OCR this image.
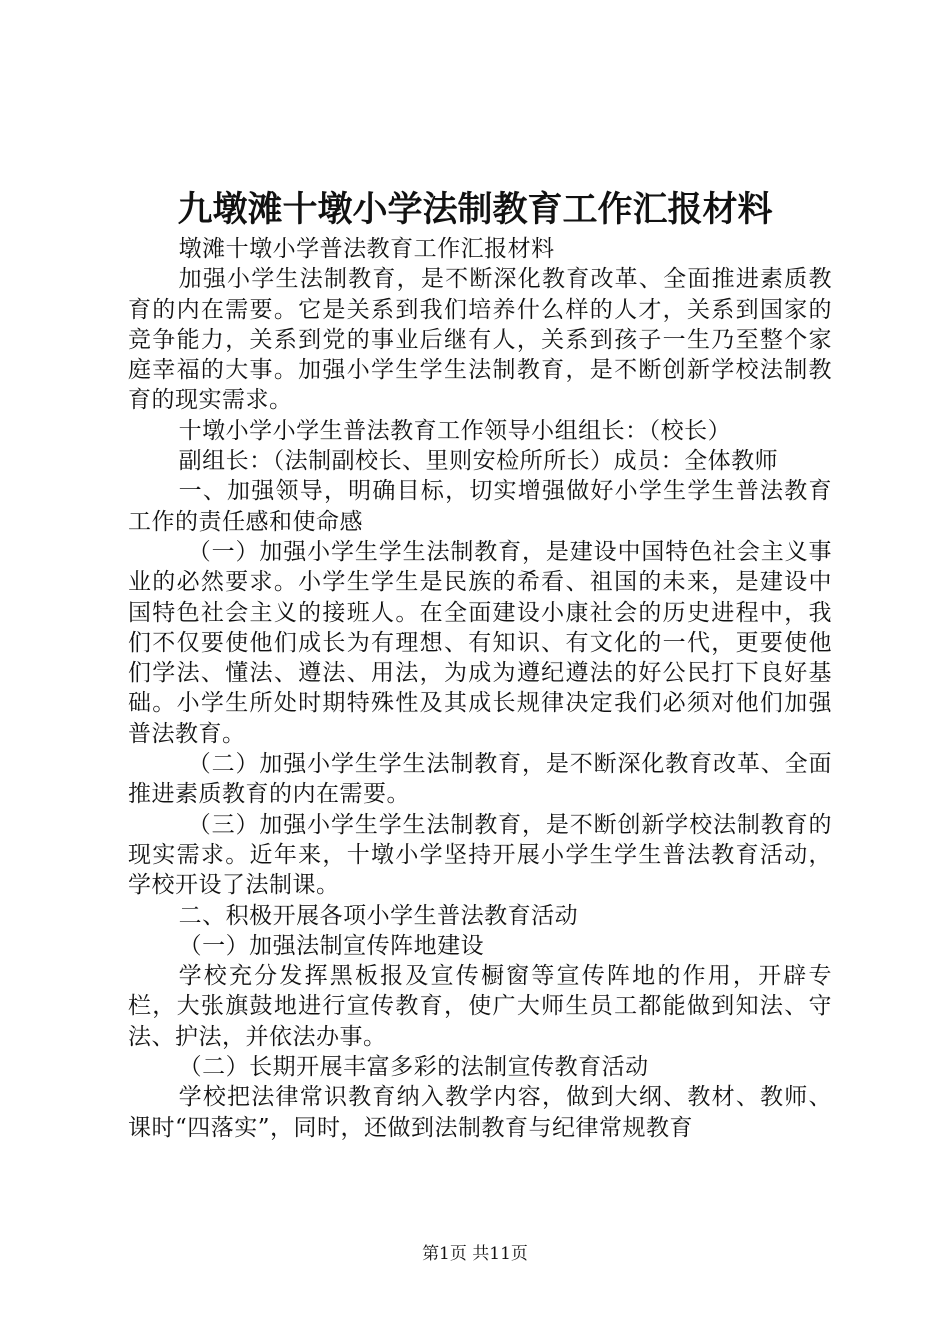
九墩滩十墩小学法制教育工作汇报材料

墩滩十墩小学普法教育工作汇报材料

加强小学生法制教育，是不断深化教育改革、全面推进素质教育的内在需要。它是关系到我们培养什么样的人才，关系到国家的竞争能力，关系到党的事业后继有人，关系到孩子一生乃至整个家庭幸福的大事。加强小学生学生法制教育，是不断创新学校法制教育的现实需求。

十墩小学小学生普法教育工作领导小组组长：（校长）

副组长：（法制副校长、里则安检所所长）成员：全体教师

一、加强领导，明确目标，切实增强做好小学生学生普法教育工作的责任感和使命感

（一）加强小学生学生法制教育，是建设中国特色社会主义事业的必然要求。小学生学生是民族的希看、祖国的未来，是建设中国特色社会主义的接班人。在全面建设小康社会的历史进程中，我们不仅要使他们成长为有理想、有知识、有文化的一代，更要使他们学法、懂法、遵法、用法，为成为遵纪遵法的好公民打下良好基础。小学生所处时期特殊性及其成长规律决定我们必须对他们加强普法教育。

（二）加强小学生学生法制教育，是不断深化教育改革、全面推进素质教育的内在需要。

（三）加强小学生学生法制教育，是不断创新学校法制教育的现实需求。近年来，十墩小学坚持开展小学生学生普法教育活动，学校开设了法制课。

二、积极开展各项小学生普法教育活动

（一）加强法制宣传阵地建设

学校充分发挥黑板报及宣传橱窗等宣传阵地的作用，开辟专栏，大张旗鼓地进行宣传教育，使广大师生员工都能做到知法、守法、护法，并依法办事。

（二）长期开展丰富多彩的法制宣传教育活动

学校把法律常识教育纳入教学内容，做到大纲、教材、教师、课时“四落实”，同时，还做到法制教育与纪律常规教育

第1页 共11页
